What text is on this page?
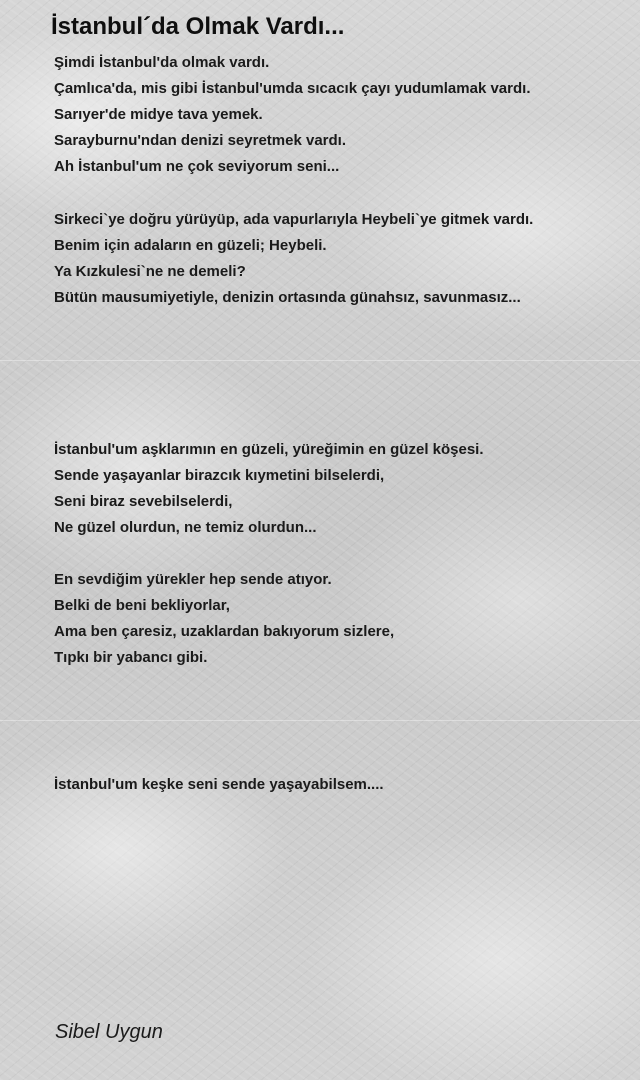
İstanbul´da Olmak Vardı...
Şimdi İstanbul'da olmak vardı.
Çamlıca'da, mis gibi İstanbul'umda sıcacık çayı yudumlamak vardı.
Sarıyer'de midye tava yemek.
Sarayburnu'ndan denizi seyretmek vardı.
Ah İstanbul'um ne çok seviyorum seni...
Sirkeci`ye doğru yürüyüp, ada vapurlarıyla Heybeli`ye gitmek vardı.
Benim için adaların en güzeli; Heybeli.
Ya Kızkulesi`ne ne demeli?
Bütün mausumiyetiyle, denizin ortasında günahsız, savunmasız...
İstanbul'um aşklarımın en güzeli, yüreğimin en güzel köşesi.
Sende yaşayanlar birazcık kıymetini bilselerdi,
Seni biraz sevebilselerdi,
Ne güzel olurdun, ne temiz olurdun...
En sevdiğim yürekler hep sende atıyor.
Belki de beni bekliyorlar,
Ama ben çaresiz, uzaklardan bakıyorum sizlere,
Tıpkı bir yabancı gibi.
İstanbul'um keşke seni sende yaşayabilsem....
Sibel Uygun
